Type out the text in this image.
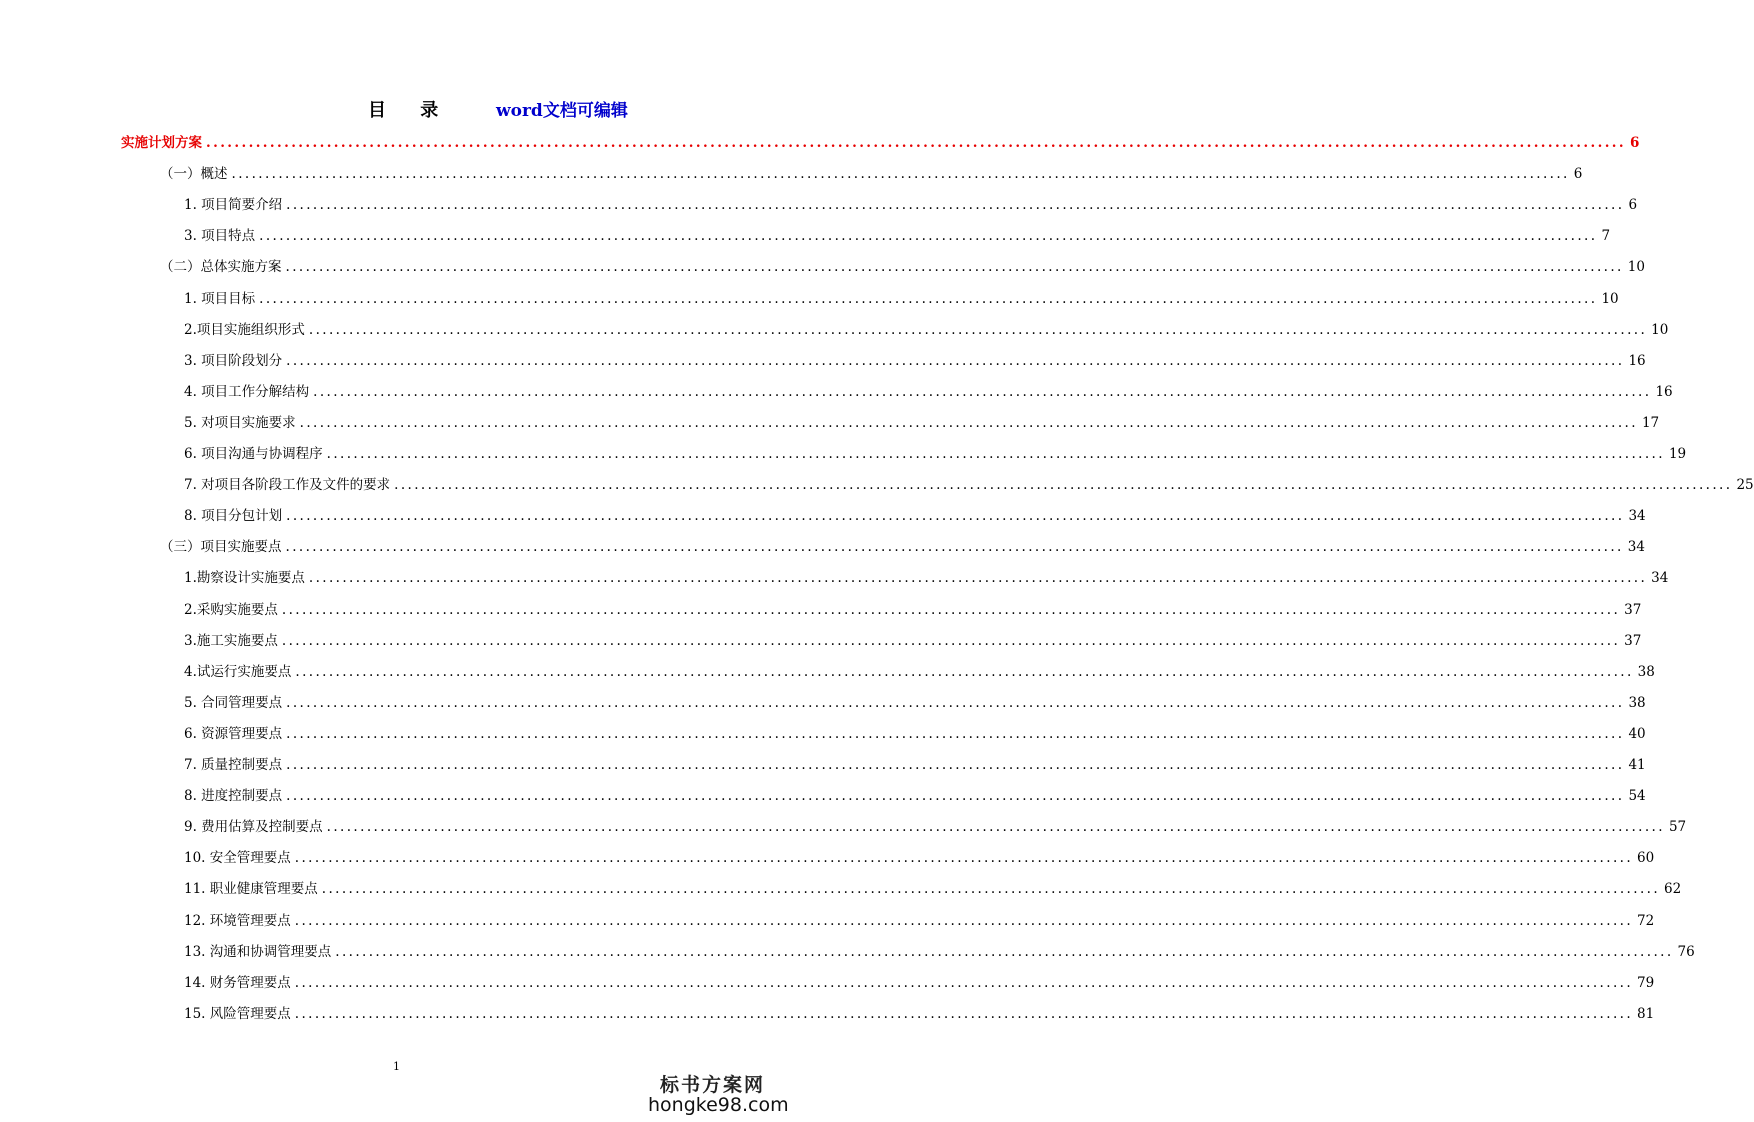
目 录	word文档可编辑
实施计划方案 ........................................................................................................................................................................................................ 6
（一）概述 ........................................................................................................................................................................................................ 6
1. 项目简要介绍 ........................................................................................................................................................................................................ 6
3. 项目特点 ........................................................................................................................................................................................................ 7
（二）总体实施方案 ........................................................................................................................................................................................................ 10
1. 项目目标 ........................................................................................................................................................................................................ 10
2.项目实施组织形式 ........................................................................................................................................................................................................ 10
3. 项目阶段划分 ........................................................................................................................................................................................................ 16
4. 项目工作分解结构 ........................................................................................................................................................................................................ 16
5. 对项目实施要求 ........................................................................................................................................................................................................ 17
6. 项目沟通与协调程序 ........................................................................................................................................................................................................ 19
7. 对项目各阶段工作及文件的要求 ........................................................................................................................................................................................................ 25
8. 项目分包计划 ........................................................................................................................................................................................................ 34
（三）项目实施要点 ........................................................................................................................................................................................................ 34
1.勘察设计实施要点 ........................................................................................................................................................................................................ 34
2.采购实施要点 ........................................................................................................................................................................................................ 37
3.施工实施要点 ........................................................................................................................................................................................................ 37
4.试运行实施要点 ........................................................................................................................................................................................................ 38
5. 合同管理要点 ........................................................................................................................................................................................................ 38
6. 资源管理要点 ........................................................................................................................................................................................................ 40
7. 质量控制要点 ........................................................................................................................................................................................................ 41
8. 进度控制要点 ........................................................................................................................................................................................................ 54
9. 费用估算及控制要点 ........................................................................................................................................................................................................ 57
10. 安全管理要点 ........................................................................................................................................................................................................ 60
11. 职业健康管理要点 ........................................................................................................................................................................................................ 62
12. 环境管理要点 ........................................................................................................................................................................................................ 72
13. 沟通和协调管理要点 ........................................................................................................................................................................................................ 76
14. 财务管理要点 ........................................................................................................................................................................................................ 79
15. 风险管理要点 ........................................................................................................................................................................................................ 81
1
标书方案网
hongke98.com
